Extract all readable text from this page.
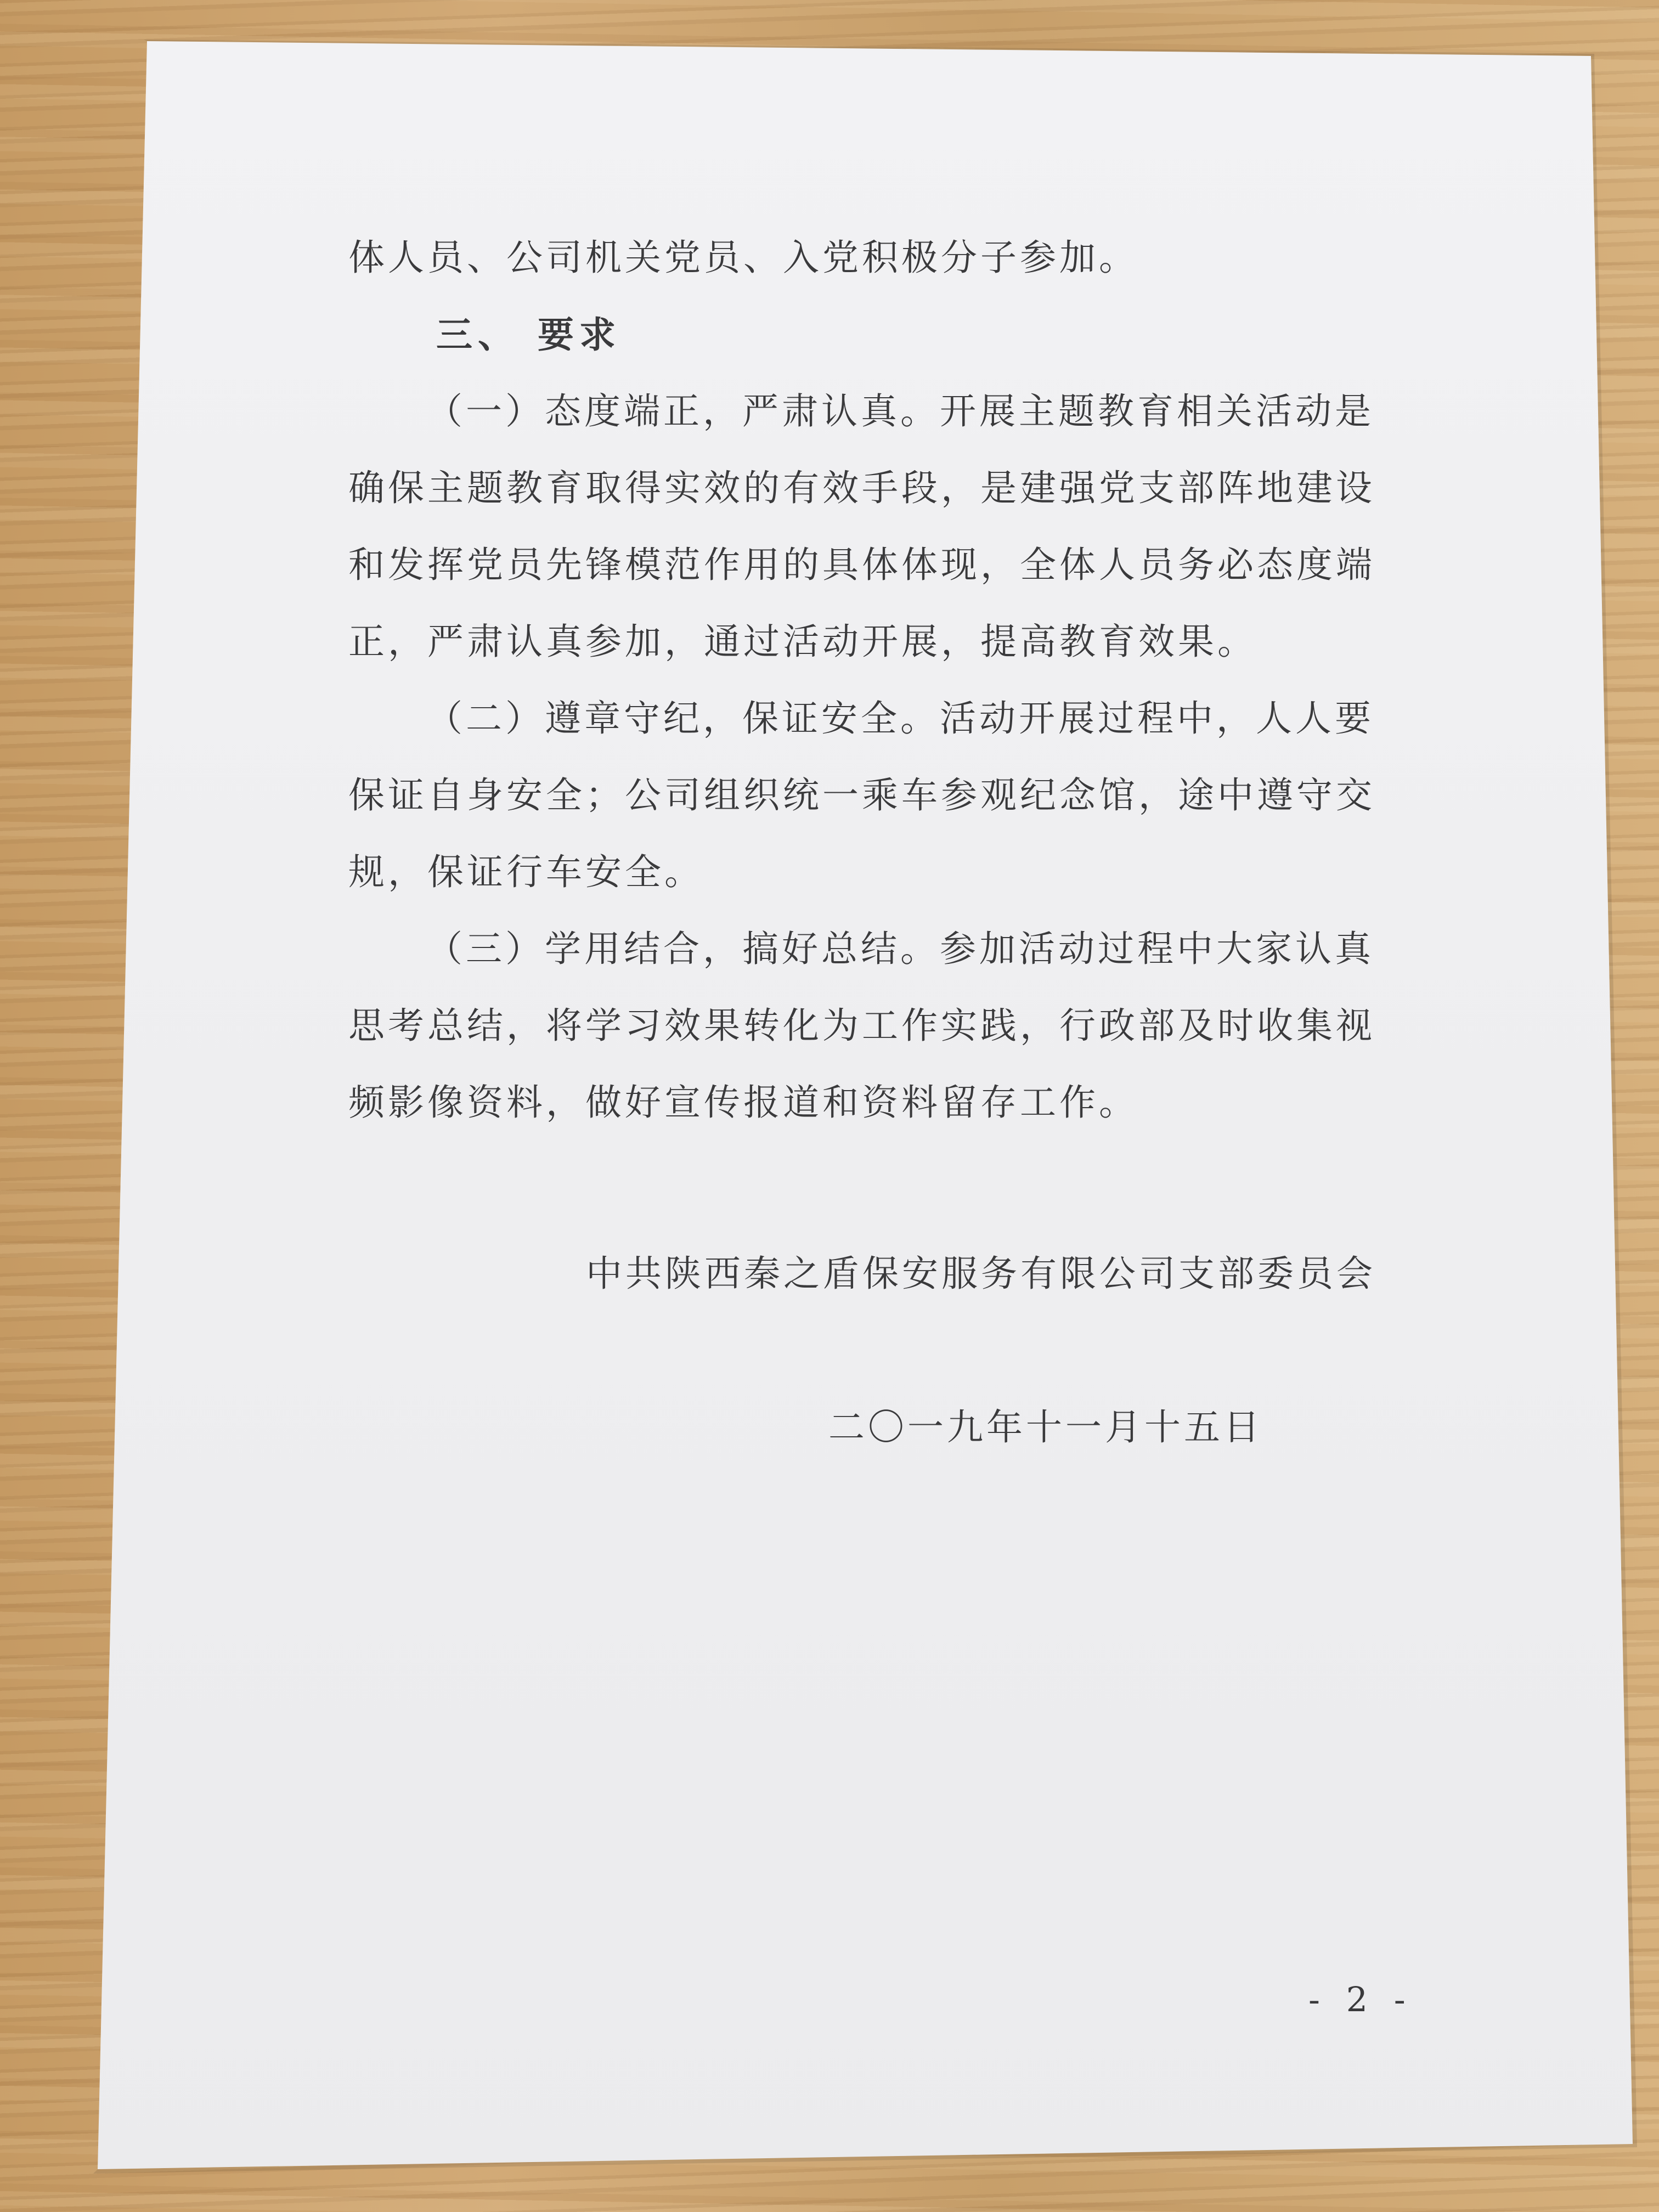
体人员、公司机关党员、入党积极分子参加。
三、 要求
（一）态度端正，严肃认真。开展主题教育相关活动是
确保主题教育取得实效的有效手段，是建强党支部阵地建设
和发挥党员先锋模范作用的具体体现，全体人员务必态度端
正，严肃认真参加，通过活动开展，提高教育效果。
（二）遵章守纪，保证安全。活动开展过程中，人人要
保证自身安全；公司组织统一乘车参观纪念馆，途中遵守交
规，保证行车安全。
（三）学用结合，搞好总结。参加活动过程中大家认真
思考总结，将学习效果转化为工作实践，行政部及时收集视
频影像资料，做好宣传报道和资料留存工作。
中共陕西秦之盾保安服务有限公司支部委员会
二〇一九年十一月十五日
- 2 -
